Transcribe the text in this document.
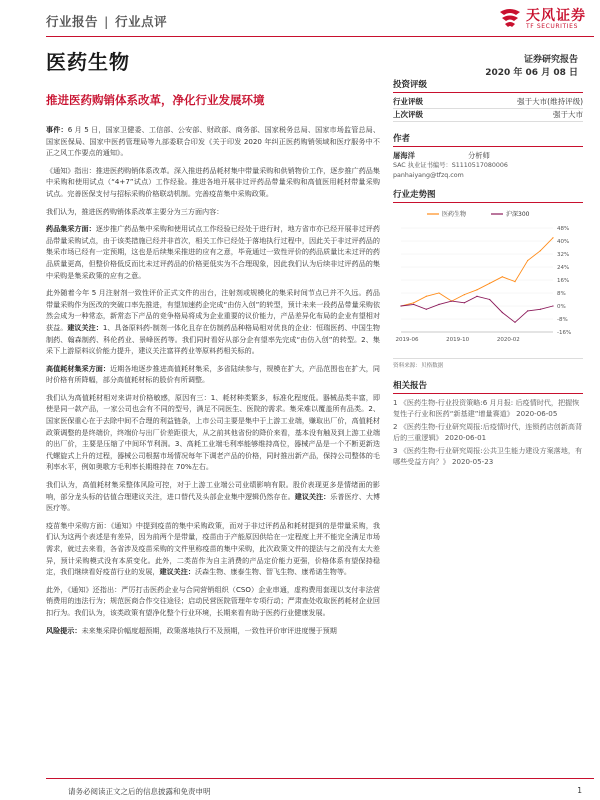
行业报告 | 行业点评	天风证券
TF SECURITIES
医药生物	证券研究报告
2020 年 06 月 08 日
推进医药购销体系改革，净化行业发展环境

事件：6 月 5 日，国家卫健委、工信部、公安部、财政部、商务部、国家税务总局、国家市场监管总局、国家医保局、国家中医药管理局等九部委联合印发《关于印发 2020 年纠正医药购销领域和医疗服务中不正之风工作要点的通知》。

《通知》指出：推进医药购销体系改革。深入推进药品耗材集中带量采购和供销物价工作，逐步推广药品集中采购和使用试点（“4+7”试点）工作经验。推进各地开展非过评药品带量采购和高值医用耗材带量采购试点。完善医保支付与招标采购价格联动机制。完善疫苗集中采购政策。

我们认为，推进医药购销体系改革主要分为三方面内容：

药品集采方面：逐步推广药品集中采购和使用试点工作经验已经处于进行时，地方省市亦已经开展非过评药品带量采购试点，由于该类措施已经并非首次，相关工作已经处于落地执行过程中，因此关于非过评药品的集采市场已经有一定预期，这也是后续集采推进的应有之意，毕竟通过一致性评价的药品质量比未过评的药品质量更高，但整价格低反而比未过评药品的价格更低实为不合理现象，因此我们认为后续非过评药品的集中采购是集采政策的应有之意。

此外随着今年 5 月注射剂一致性评价正式文件的出台，注射剂或规模化的集采时间节点已并不久远。药品带量采购作为医改的突破口率先推进，有望加速药企完成“由仿入创”的转型，预计未来一段药品带量采购依然会成为一种常态，新常态下产品的竞争格局将成为企业重要的议价能力，产品差异化布局的企业有望相对获益。建议关注：1、具备原料药-制剂一体化且存在仿制药品种格局相对优良的企业：恒瑞医药、中国生物制药、翰森制药、科伦药业、景峰医药等。我们同时看好从部分企有望率先完成“由仿入创”的转型。2、集采下上游原料议价能力提升，建议关注富祥药业等原料药相关标的。

高值耗材集采方面：近期各地逐步推进高值耗材集采，多省陆续参与，规模在扩大，产品范围也在扩大，同时价格有所降幅，部分高值耗材标的股价有所调整。

我们认为高值耗材相对来讲对价格敏感，原因有三：1、耗材种类繁多，标准化程度低。器械品类丰富，即使是同一款产品，一家公司也会有不同的型号，满足不同医生、医院的需求。集采难以覆盖所有品类。2、国家医保重心在于去除中间不合理的利益链条，上市公司主要是集中于上游工业端，赚取出厂价，高值耗材政策调整的是终端价，终端价与出厂价差距很大，从之前其他省份的降价来看，基本没有触及到上游工业端的出厂价，主要是压缩了中间环节利润。3、高耗工业端毛利率能够维持高位，器械产品是一个不断更新迭代螺旋式上升的过程，器械公司根据市场情况每年下调老产品的价格，同时推出新产品，保持公司整体的毛利率水平，例如奥歌方毛利率长期维持在 70%左右。

我们认为，高值耗材集采整体风险可控，对于上游工业端公司业绩影响有限。股价表现更多是情绪面的影响，部分龙头标的估值合理建议关注，进口替代及头部企业集中逻辑仍然存在。建议关注：乐普医疗、大博医疗等。

疫苗集中采购方面：《通知》中提到疫苗的集中采购政策，而对于非过评药品和耗材提到的是带量采购，我们认为这两个表述是有差异，因为前两个是带量，疫苗由于产能原因供给在一定程度上并不能完全满足市场需求，就过去来看，各省涉及疫苗采购的文件里称疫苗的集中采购，此次政策文件的提法与之前没有太大差异，预计采购模式没有本质变化。此外，二类苗作为自主消费的产品定价能力更强，价格体系有望保持稳定，我们继续看好疫苗行业的发展，建议关注：沃森生物、康泰生物、智飞生物、康希诺生物等。

此外，《通知》还指出：严厉打击医药企业与合同营销组织（CSO）企业串通，虚构费用套现以支付非法营销费用的违法行为；规范医商合作交往途径；启动民营医院管理年专项行动；严肃查处收取医药耗材企业回扣行为。我们认为，该类政策有望净化整个行业环境，长期来看有助于医药行业健康发展。

风险提示：未来集采降价幅度超预期，政策落地执行不及预期，一致性评价审评进度慢于预期

投资评级
行业评级	强于大市(维持评级)
上次评级	强于大市
作者
屠海洋	分析师
SAC 执业证书编号：S1110517080006
panhaiyang@tfzq.com
行业走势图
48%
40%
32%
24%
16%
8%
0%
-8%
-16%
2019-06	2019-10	2020-02
医药生物	沪深300
资料来源：贝格数据
相关报告
1 《医药生物-行业投资策略:6 月月报: 后疫情时代，把握恢复性子行业和医药“新基建”增量赛道》 2020-06-05
2 《医药生物-行业研究周报:后疫情时代，连锁药店创新高背后的三重逻辑》 2020-06-01
3 《医药生物-行业研究周报:公共卫生能力建设方案落地，有哪些受益方向？》 2020-05-23
请务必阅读正文之后的信息披露和免责申明	1
